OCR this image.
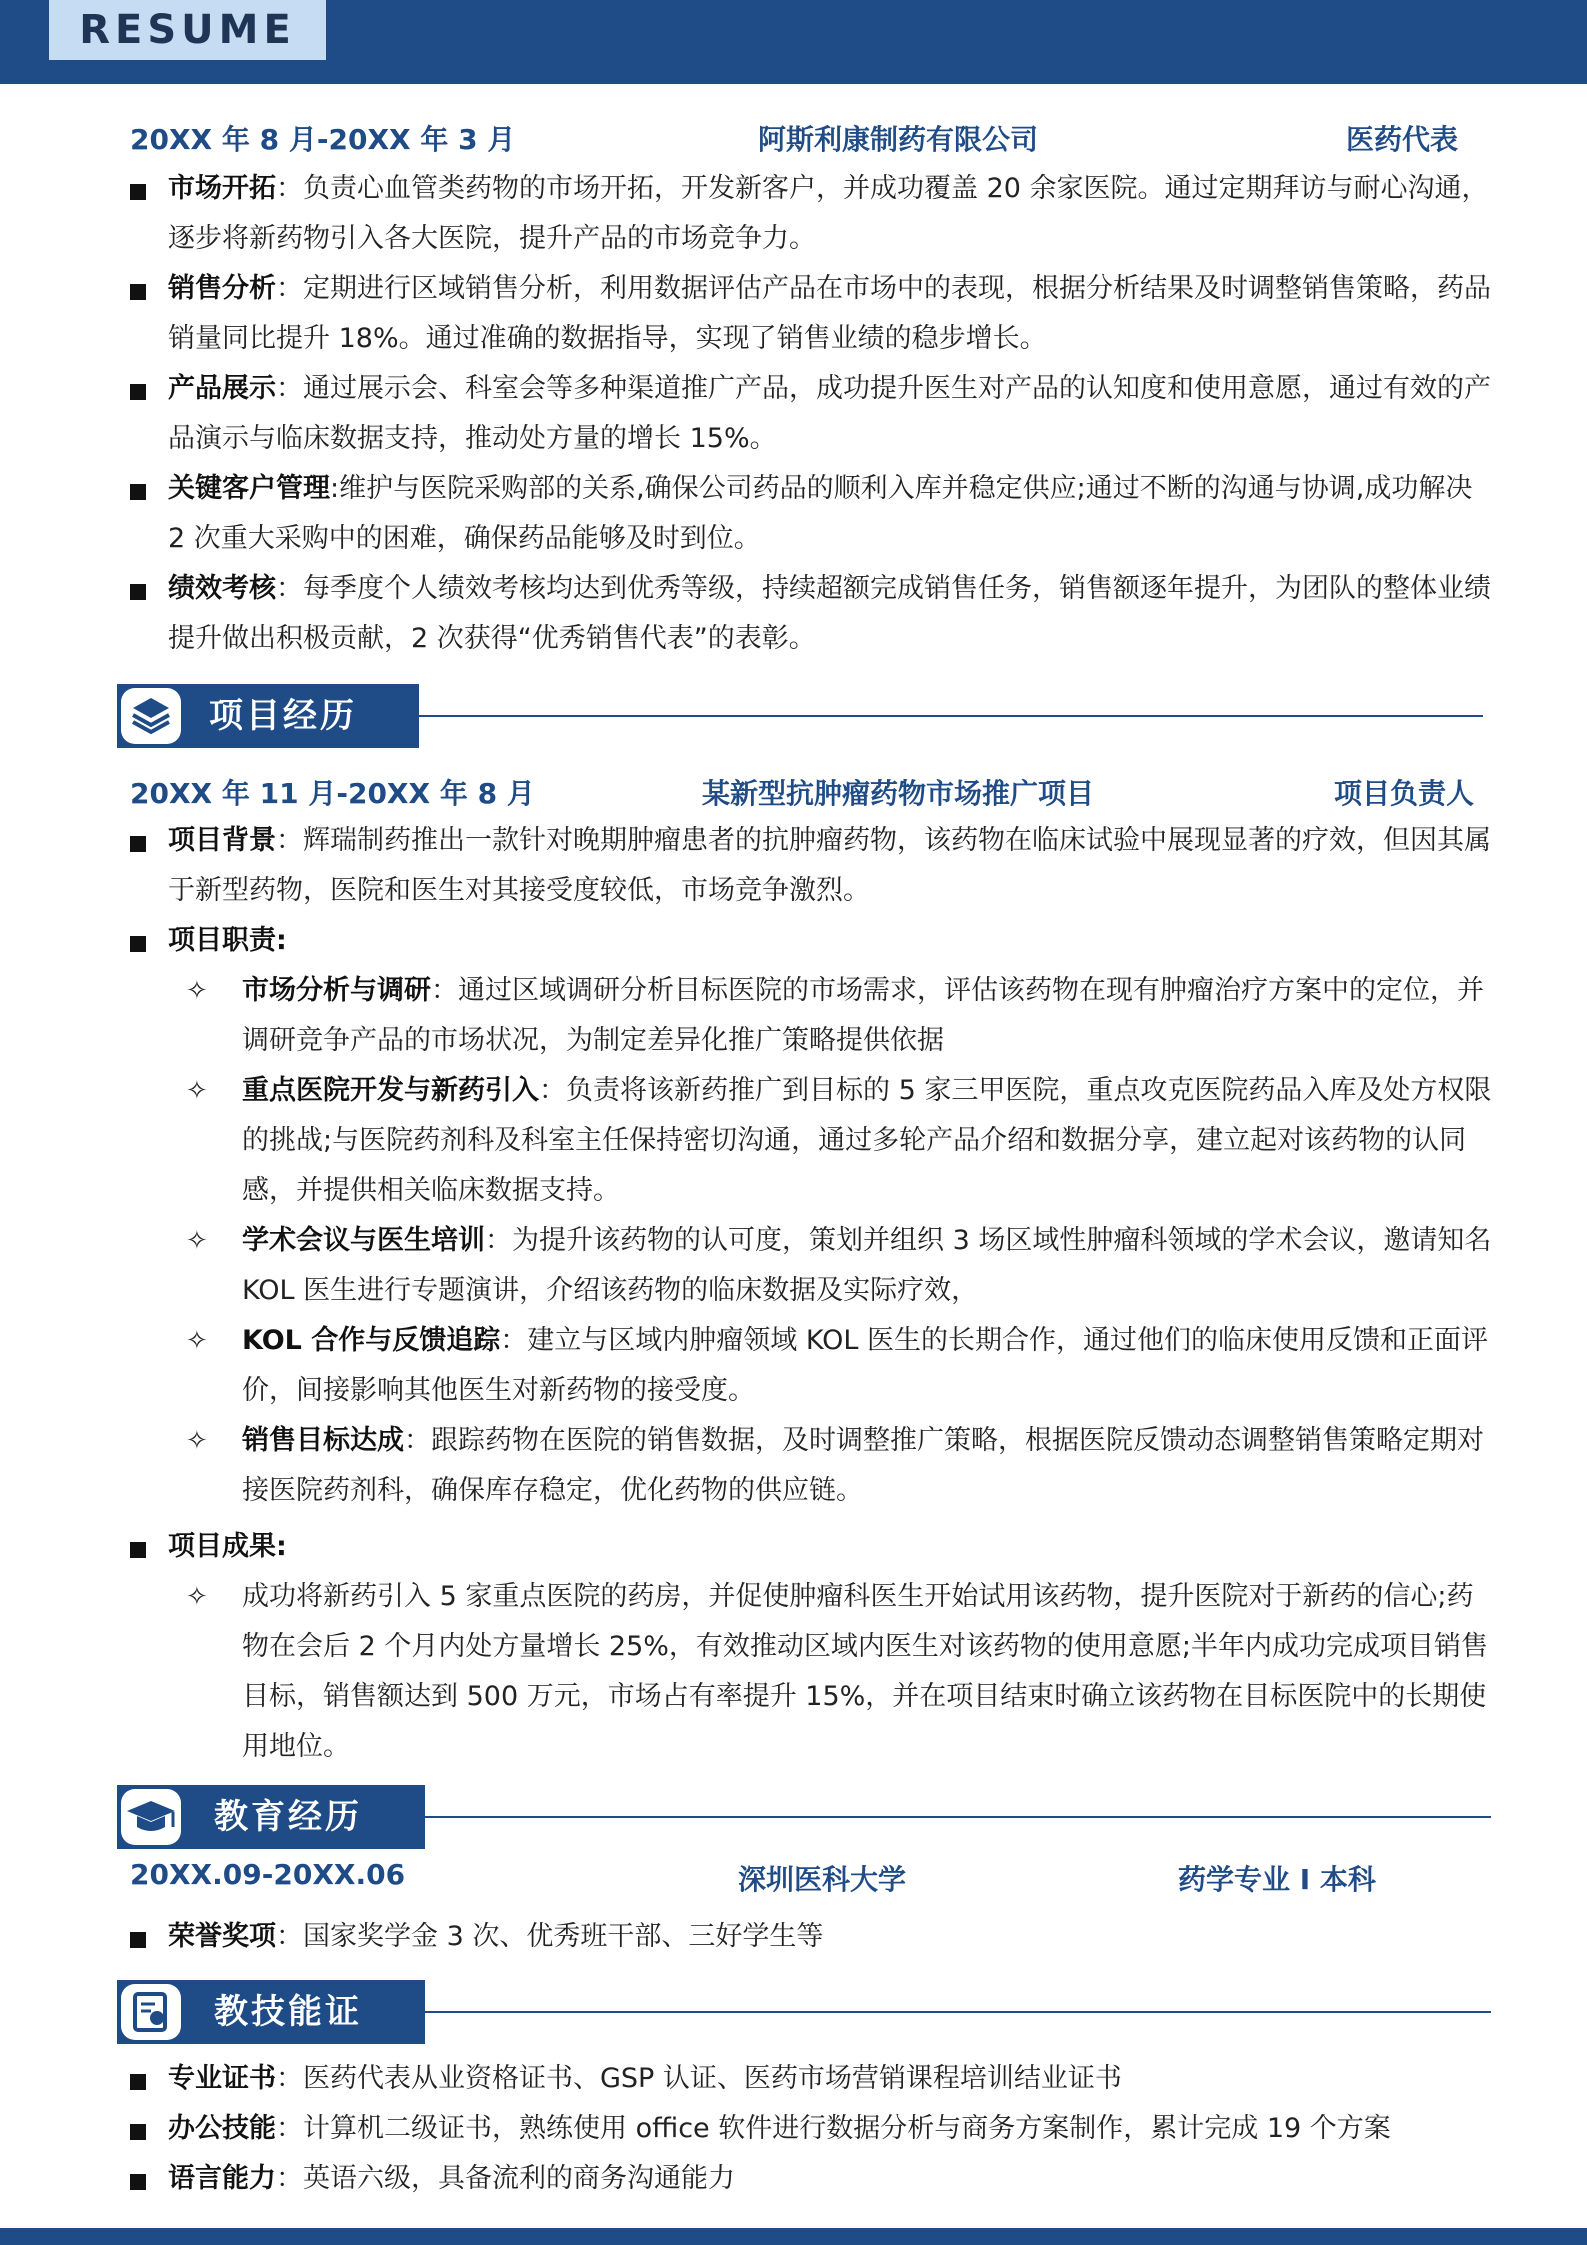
RESUME
20XX 年 8 月-20XX 年 3 月	阿斯利康制药有限公司	医药代表
市场开拓：负责心血管类药物的市场开拓，开发新客户，并成功覆盖 20 余家医院。通过定期拜访与耐心沟通，逐步将新药物引入各大医院，提升产品的市场竞争力。
销售分析：定期进行区域销售分析，利用数据评估产品在市场中的表现，根据分析结果及时调整销售策略，药品销量同比提升 18%。通过准确的数据指导，实现了销售业绩的稳步增长。
产品展示：通过展示会、科室会等多种渠道推广产品，成功提升医生对产品的认知度和使用意愿，通过有效的产品演示与临床数据支持，推动处方量的增长 15%。
关键客户管理:维护与医院采购部的关系,确保公司药品的顺利入库并稳定供应;通过不断的沟通与协调,成功解决 2 次重大采购中的困难，确保药品能够及时到位。
绩效考核：每季度个人绩效考核均达到优秀等级，持续超额完成销售任务，销售额逐年提升，为团队的整体业绩提升做出积极贡献，2 次获得“优秀销售代表”的表彰。
项目经历
20XX 年 11 月-20XX 年 8 月	某新型抗肿瘤药物市场推广项目	项目负责人
项目背景：辉瑞制药推出一款针对晚期肿瘤患者的抗肿瘤药物，该药物在临床试验中展现显著的疗效，但因其属于新型药物，医院和医生对其接受度较低，市场竞争激烈。
项目职责:
✧	市场分析与调研：通过区域调研分析目标医院的市场需求，评估该药物在现有肿瘤治疗方案中的定位，并调研竞争产品的市场状况，为制定差异化推广策略提供依据
✧	重点医院开发与新药引入：负责将该新药推广到目标的 5 家三甲医院，重点攻克医院药品入库及处方权限的挑战;与医院药剂科及科室主任保持密切沟通，通过多轮产品介绍和数据分享，建立起对该药物的认同感，并提供相关临床数据支持。
✧	学术会议与医生培训：为提升该药物的认可度，策划并组织 3 场区域性肿瘤科领域的学术会议，邀请知名 KOL 医生进行专题演讲，介绍该药物的临床数据及实际疗效，
✧	KOL 合作与反馈追踪：建立与区域内肿瘤领域 KOL 医生的长期合作，通过他们的临床使用反馈和正面评价，间接影响其他医生对新药物的接受度。
✧	销售目标达成：跟踪药物在医院的销售数据，及时调整推广策略，根据医院反馈动态调整销售策略定期对接医院药剂科，确保库存稳定，优化药物的供应链。
项目成果:
✧	成功将新药引入 5 家重点医院的药房，并促使肿瘤科医生开始试用该药物，提升医院对于新药的信心;药物在会后 2 个月内处方量增长 25%，有效推动区域内医生对该药物的使用意愿;半年内成功完成项目销售目标，销售额达到 500 万元，市场占有率提升 15%，并在项目结束时确立该药物在目标医院中的长期使用地位。
教育经历
20XX.09-20XX.06	深圳医科大学	药学专业 I 本科
荣誉奖项：国家奖学金 3 次、优秀班干部、三好学生等
教技能证
专业证书：医药代表从业资格证书、GSP 认证、医药市场营销课程培训结业证书
办公技能：计算机二级证书，熟练使用 office 软件进行数据分析与商务方案制作，累计完成 19 个方案
语言能力：英语六级，具备流利的商务沟通能力
